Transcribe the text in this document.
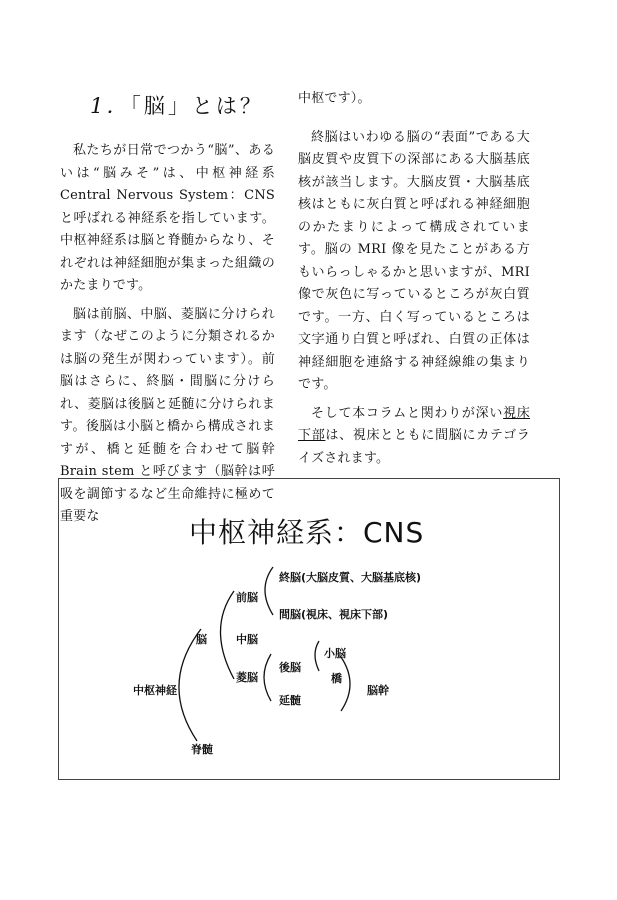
1．「脳」とは？

私たちが日常でつかう“脳”、あるいは“脳みそ”は、中枢神経系　Central Nervous System：CNS と呼ばれる神経系を指しています。中枢神経系は脳と脊髄からなり、それぞれは神経細胞が集まった組織のかたまりです。

脳は前脳、中脳、菱脳に分けられます（なぜこのように分類されるかは脳の発生が関わっています）。前脳はさらに、終脳・間脳に分けられ、菱脳は後脳と延髄に分けられます。後脳は小脳と橋から構成されますが、橋と延髄を合わせて脳幹 Brain stem と呼びます（脳幹は呼吸を調節するなど生命維持に極めて重要な

中枢です）。

終脳はいわゆる脳の“表面”である大脳皮質や皮質下の深部にある大脳基底核が該当します。大脳皮質・大脳基底核はともに灰白質と呼ばれる神経細胞のかたまりによって構成されています。脳の MRI 像を見たことがある方もいらっしゃるかと思いますが、MRI 像で灰色に写っているところが灰白質です。一方、白く写っているところは文字通り白質と呼ばれ、白質の正体は神経細胞を連絡する神経線維の集まりです。

そして本コラムと関わりが深い視床下部は、視床とともに間脳にカテゴライズされます。

中枢神経系：CNS
中枢神経
脳
脊髄
前脳
中脳
菱脳
終脳(大脳皮質、大脳基底核)
間脳(視床、視床下部)
後脳
延髄
小脳
橋
脳幹
